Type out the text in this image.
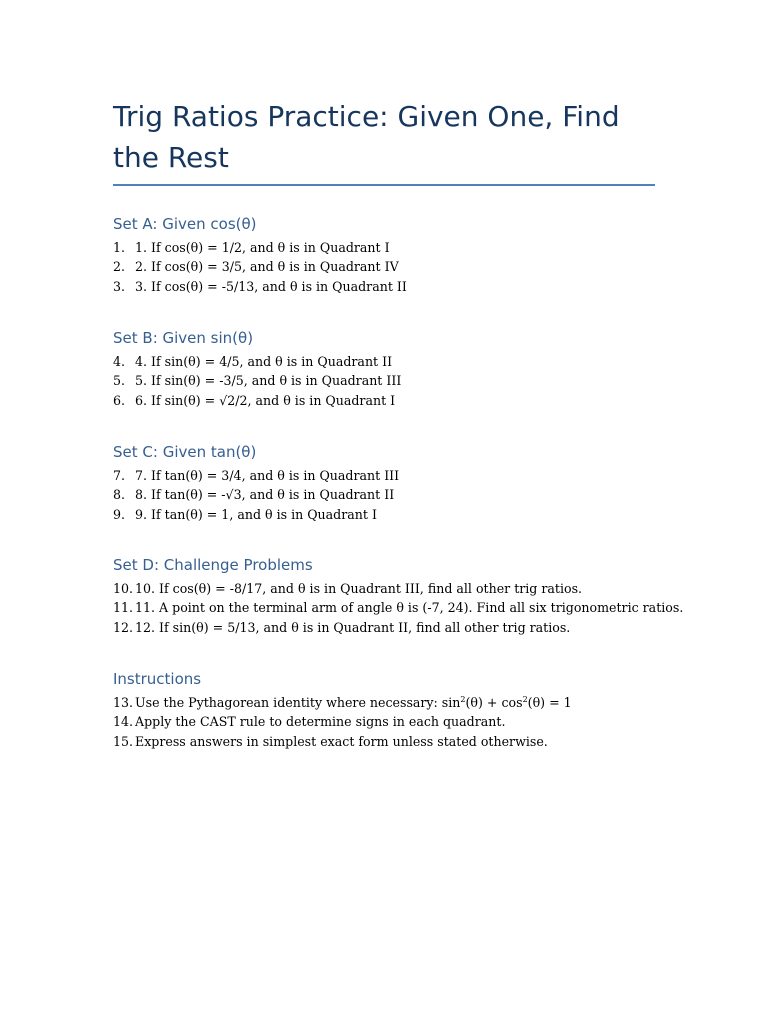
Trig Ratios Practice: Given One, Find the Rest
Set A: Given cos(θ)
1. 1. If cos(θ) = 1/2, and θ is in Quadrant I
2. 2. If cos(θ) = 3/5, and θ is in Quadrant IV
3. 3. If cos(θ) = -5/13, and θ is in Quadrant II
Set B: Given sin(θ)
4. 4. If sin(θ) = 4/5, and θ is in Quadrant II
5. 5. If sin(θ) = -3/5, and θ is in Quadrant III
6. 6. If sin(θ) = √2/2, and θ is in Quadrant I
Set C: Given tan(θ)
7. 7. If tan(θ) = 3/4, and θ is in Quadrant III
8. 8. If tan(θ) = -√3, and θ is in Quadrant II
9. 9. If tan(θ) = 1, and θ is in Quadrant I
Set D: Challenge Problems
10. 10. If cos(θ) = -8/17, and θ is in Quadrant III, find all other trig ratios.
11. 11. A point on the terminal arm of angle θ is (-7, 24). Find all six trigonometric ratios.
12. 12. If sin(θ) = 5/13, and θ is in Quadrant II, find all other trig ratios.
Instructions
13. Use the Pythagorean identity where necessary: $\sin^2(\theta) + \cos^2(\theta) = 1$
14. Apply the CAST rule to determine signs in each quadrant.
15. Express answers in simplest exact form unless stated otherwise.
